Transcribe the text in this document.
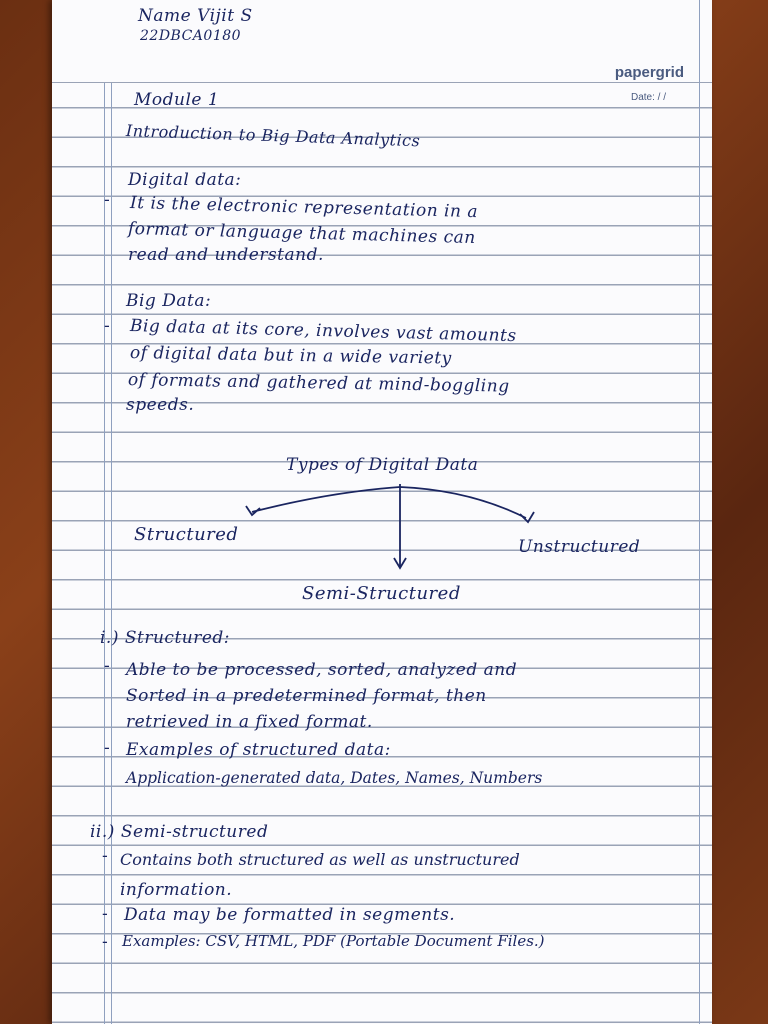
papergrid
Date: / /
Name Vijit S
22DBCA0180
Module 1
Introduction to Big Data Analytics
Digital data:
- It is the electronic representation in a
format or language that machines can
read and understand.
Big Data:
- Big data at its core, involves vast amounts
of digital data but in a wide variety
of formats and gathered at mind-boggling
speeds.
Types of Digital Data
Structured
Unstructured
Semi-Structured
i.) Structured:
- Able to be processed, sorted, analyzed and
Sorted in a predetermined format, then
retrieved in a fixed format.
- Examples of structured data:
Application-generated data, Dates, Names, Numbers
ii.) Semi-structured
- Contains both structured as well as unstructured
information.
- Data may be formatted in segments.
- Examples: CSV, HTML, PDF (Portable Document Files.)
